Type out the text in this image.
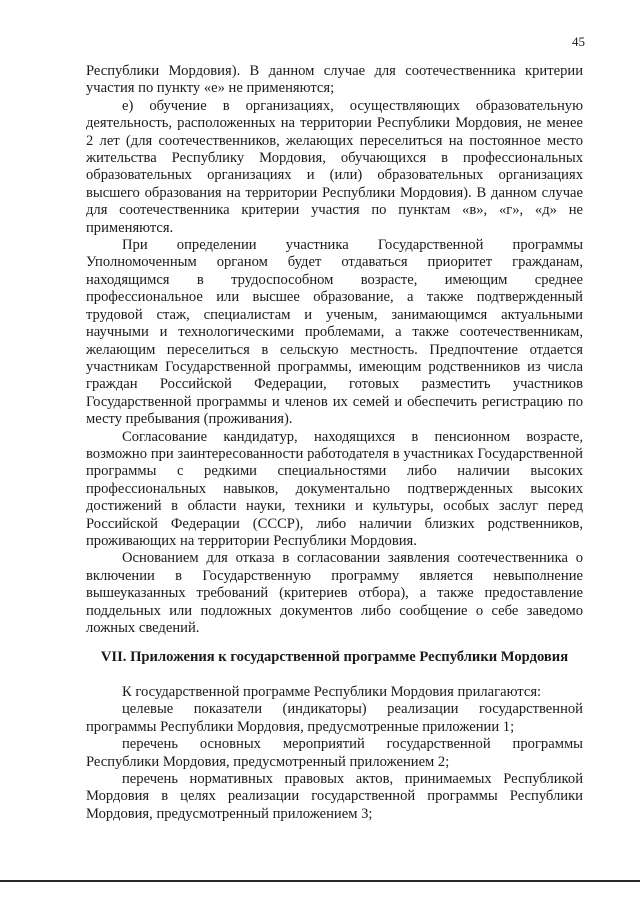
45

Республики Мордовия). В данном случае для соотечественника критерии участия по пункту «е» не применяются;

е) обучение в организациях, осуществляющих образовательную деятельность, расположенных на территории Республики Мордовия, не менее 2 лет (для соотечественников, желающих переселиться на постоянное место жительства Республику Мордовия, обучающихся в профессиональных образовательных организациях и (или) образовательных организациях высшего образования на территории Республики Мордовия). В данном случае для соотечественника критерии участия по пунктам «в», «г», «д» не применяются.

При определении участника Государственной программы Уполномоченным органом будет отдаваться приоритет гражданам, находящимся в трудоспособном возрасте, имеющим среднее профессиональное или высшее образование, а также подтвержденный трудовой стаж, специалистам и ученым, занимающимся актуальными научными и технологическими проблемами, а также соотечественникам, желающим переселиться в сельскую местность. Предпочтение отдается участникам Государственной программы, имеющим родственников из числа граждан Российской Федерации, готовых разместить участников Государственной программы и членов их семей и обеспечить регистрацию по месту пребывания (проживания).

Согласование кандидатур, находящихся в пенсионном возрасте, возможно при заинтересованности работодателя в участниках Государственной программы с редкими специальностями либо наличии высоких профессиональных навыков, документально подтвержденных высоких достижений в области науки, техники и культуры, особых заслуг перед Российской Федерации (СССР), либо наличии близких родственников, проживающих на территории Республики Мордовия.

Основанием для отказа в согласовании заявления соотечественника о включении в Государственную программу является невыполнение вышеуказанных требований (критериев отбора), а также предоставление поддельных или подложных документов либо сообщение о себе заведомо ложных сведений.

VII. Приложения к государственной программе Республики Мордовия

К государственной программе Республики Мордовия прилагаются:

целевые показатели (индикаторы) реализации государственной программы Республики Мордовия, предусмотренные приложении 1;

перечень основных мероприятий государственной программы Республики Мордовия, предусмотренный приложением 2;

перечень нормативных правовых актов, принимаемых Республикой Мордовия в целях реализации государственной программы Республики Мордовия, предусмотренный приложением 3;
